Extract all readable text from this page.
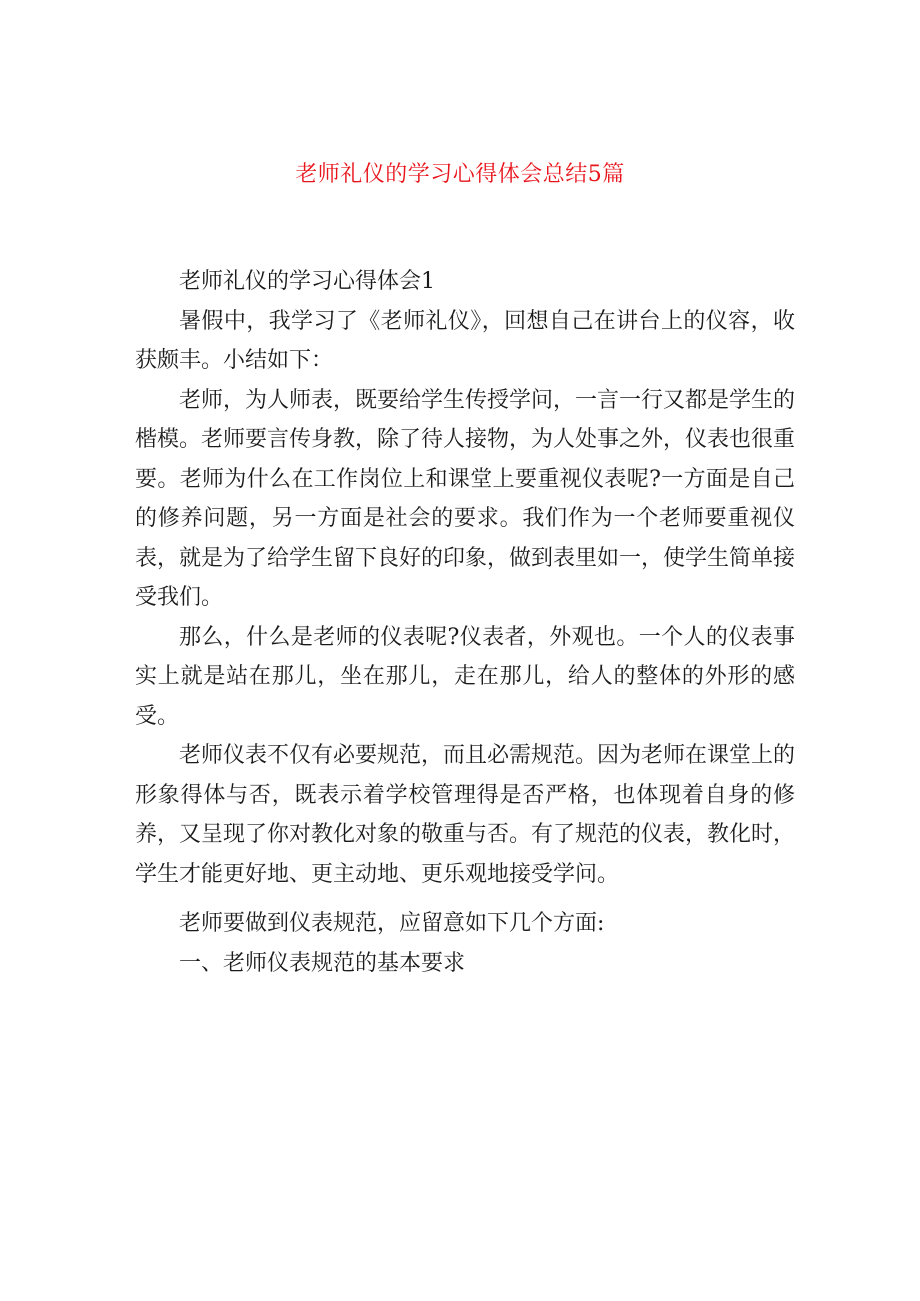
老师礼仪的学习心得体会总结5篇

老师礼仪的学习心得体会1

暑假中，我学习了《老师礼仪》，回想自己在讲台上的仪容，收获颇丰。小结如下：

老师，为人师表，既要给学生传授学问，一言一行又都是学生的楷模。老师要言传身教，除了待人接物，为人处事之外，仪表也很重要。老师为什么在工作岗位上和课堂上要重视仪表呢?一方面是自己的修养问题，另一方面是社会的要求。我们作为一个老师要重视仪表，就是为了给学生留下良好的印象，做到表里如一，使学生简单接受我们。

那么，什么是老师的仪表呢?仪表者，外观也。一个人的仪表事实上就是站在那儿，坐在那儿，走在那儿，给人的整体的外形的感受。

老师仪表不仅有必要规范，而且必需规范。因为老师在课堂上的形象得体与否，既表示着学校管理得是否严格，也体现着自身的修养，又呈现了你对教化对象的敬重与否。有了规范的仪表，教化时，学生才能更好地、更主动地、更乐观地接受学问。

老师要做到仪表规范，应留意如下几个方面:

一、老师仪表规范的基本要求
